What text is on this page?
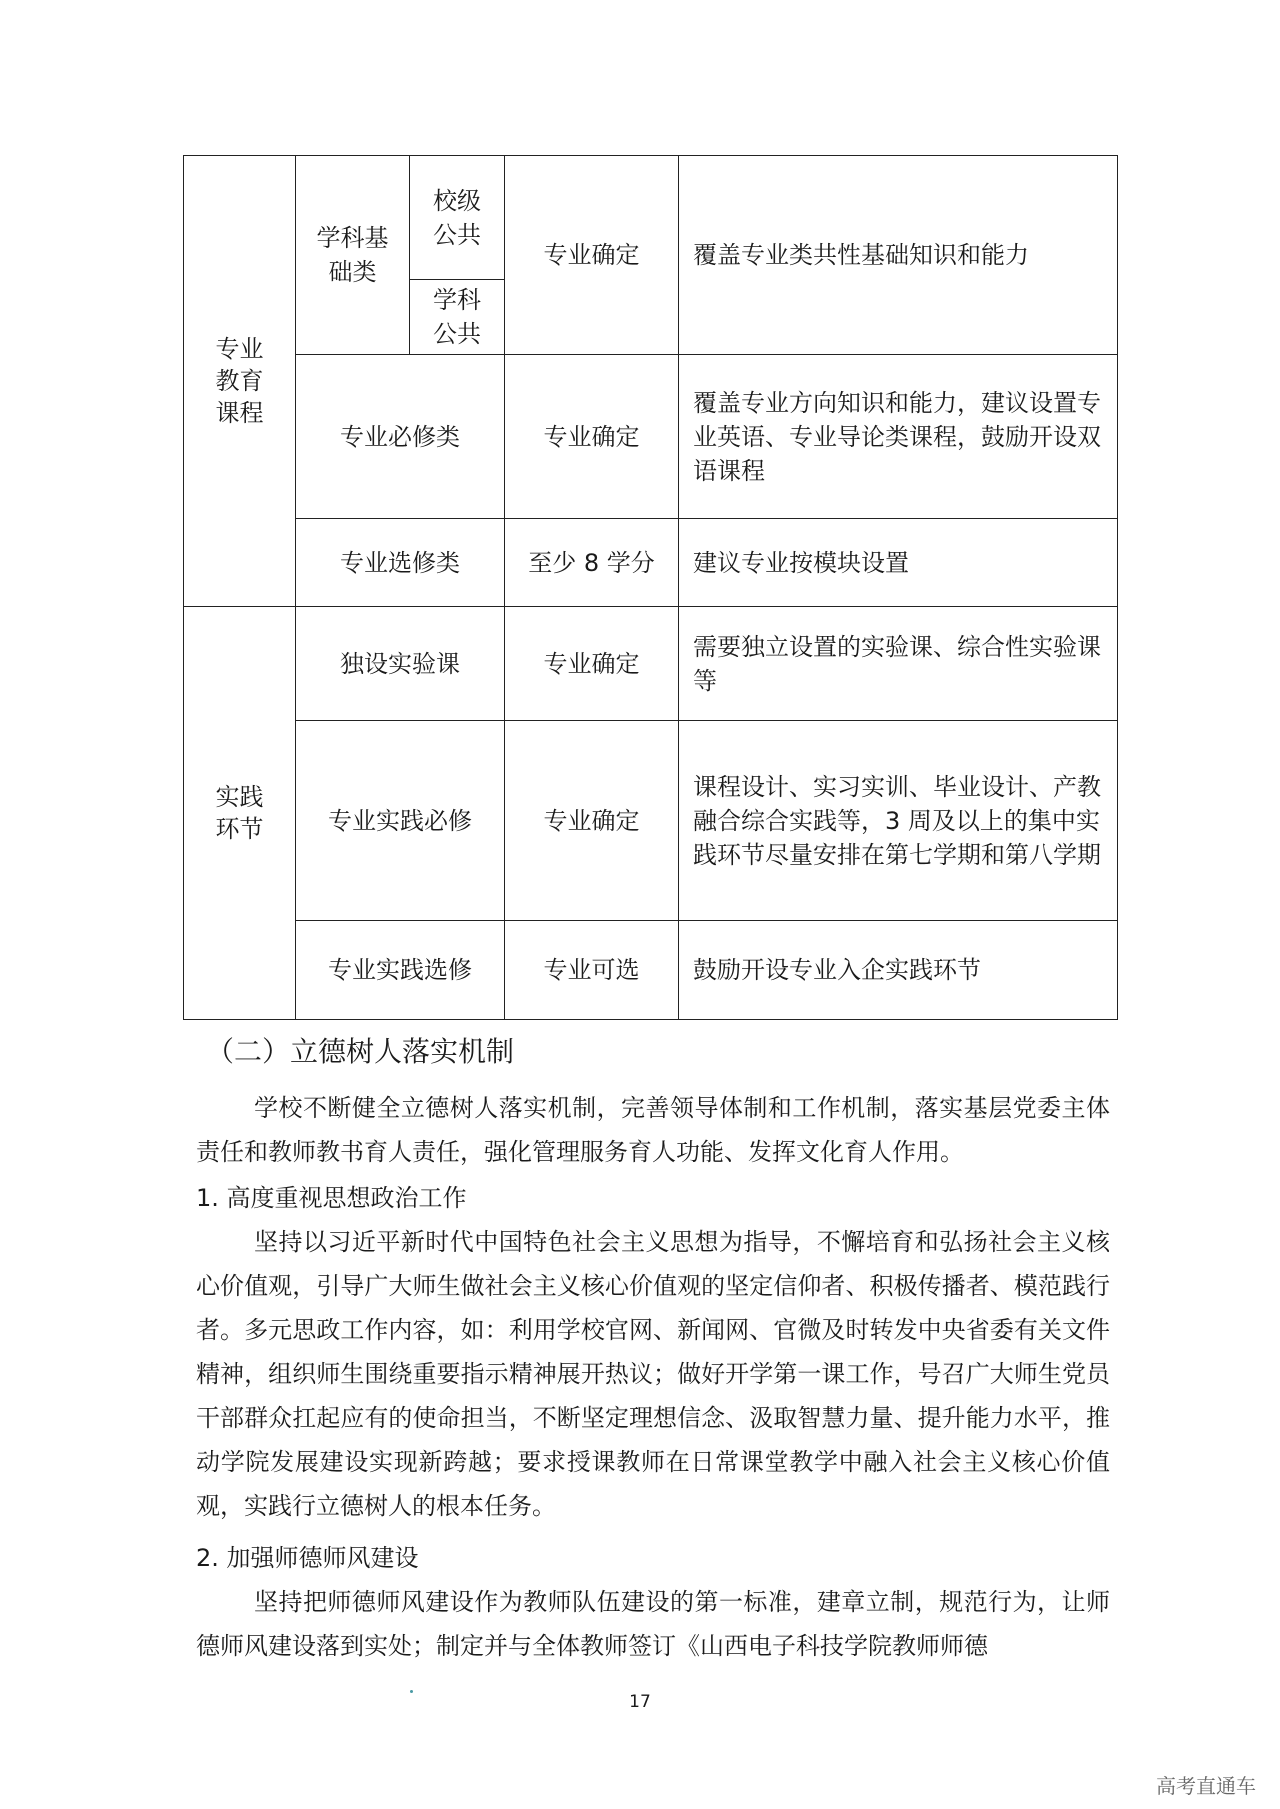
专业教育课程	学科基础类	校级公共	专业确定	覆盖专业类共性基础知识和能力
		学科公共		
	专业必修类		专业确定	覆盖专业方向知识和能力，建议设置专业英语、专业导论类课程，鼓励开设双语课程
	专业选修类		至少 8 学分	建议专业按模块设置
实践环节	独设实验课		专业确定	需要独立设置的实验课、综合性实验课等
	专业实践必修		专业确定	课程设计、实习实训、毕业设计、产教融合综合实践等，3 周及以上的集中实践环节尽量安排在第七学期和第八学期
	专业实践选修		专业可选	鼓励开设专业入企实践环节
（二）立德树人落实机制

学校不断健全立德树人落实机制，完善领导体制和工作机制，落实基层党委主体责任和教师教书育人责任，强化管理服务育人功能、发挥文化育人作用。

1. 高度重视思想政治工作

坚持以习近平新时代中国特色社会主义思想为指导，不懈培育和弘扬社会主义核心价值观，引导广大师生做社会主义核心价值观的坚定信仰者、积极传播者、模范践行者。多元思政工作内容，如：利用学校官网、新闻网、官微及时转发中央省委有关文件精神，组织师生围绕重要指示精神展开热议；做好开学第一课工作，号召广大师生党员干部群众扛起应有的使命担当，不断坚定理想信念、汲取智慧力量、提升能力水平，推动学院发展建设实现新跨越；要求授课教师在日常课堂教学中融入社会主义核心价值观，实践行立德树人的根本任务。

2. 加强师德师风建设

坚持把师德师风建设作为教师队伍建设的第一标准，建章立制，规范行为，让师德师风建设落到实处；制定并与全体教师签订《山西电子科技学院教师师德

17
高考直通车
